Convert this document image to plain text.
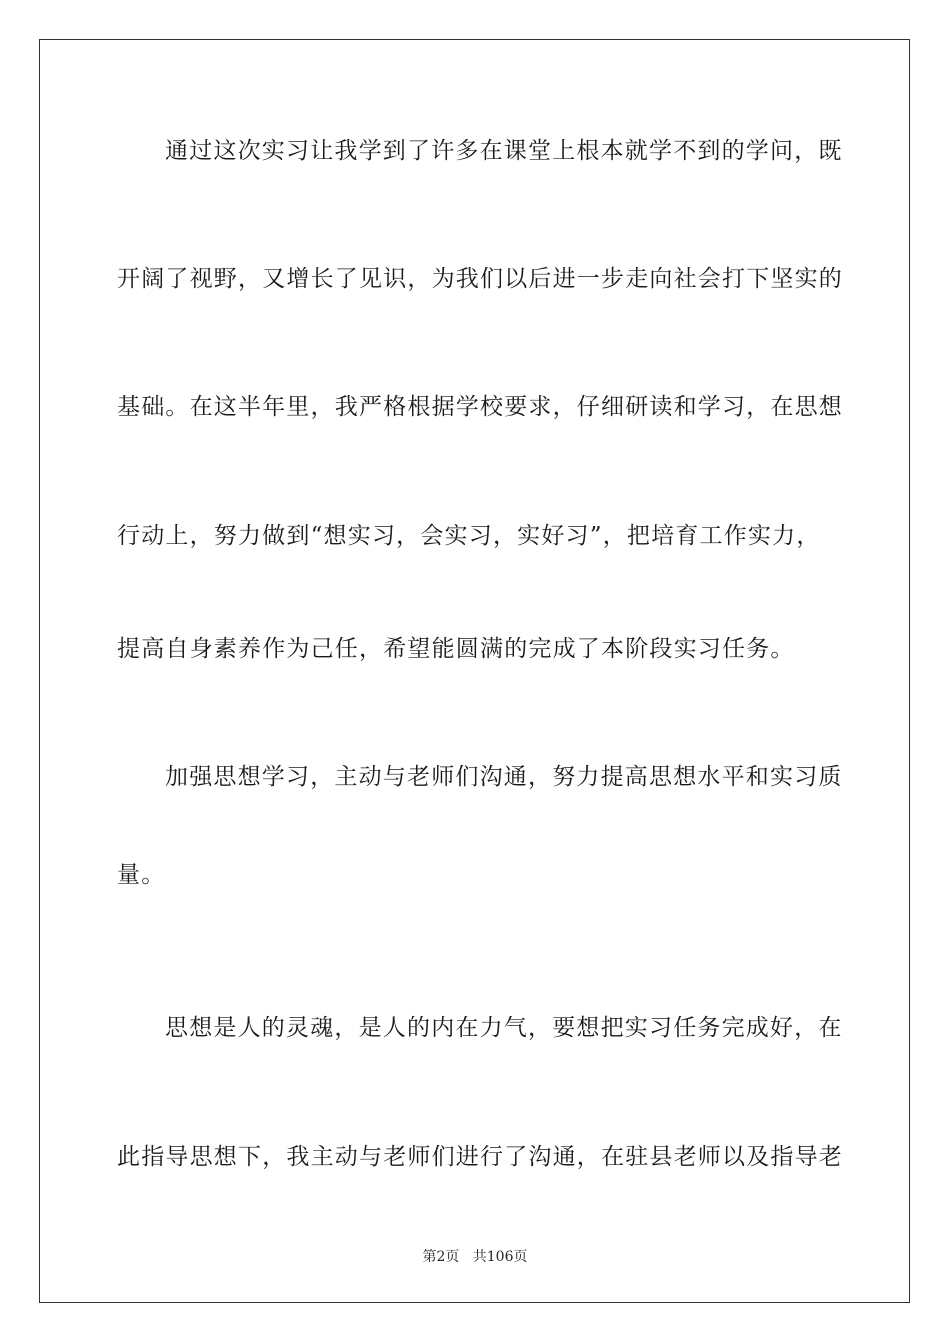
通过这次实习让我学到了许多在课堂上根本就学不到的学问，既
开阔了视野，又增长了见识，为我们以后进一步走向社会打下坚实的
基础。在这半年里，我严格根据学校要求，仔细研读和学习，在思想
行动上，努力做到“想实习，会实习，实好习”，把培育工作实力，
提高自身素养作为己任，希望能圆满的完成了本阶段实习任务。
加强思想学习，主动与老师们沟通，努力提高思想水平和实习质
量。
思想是人的灵魂，是人的内在力气，要想把实习任务完成好，在
此指导思想下，我主动与老师们进行了沟通，在驻县老师以及指导老
第2页 共106页
